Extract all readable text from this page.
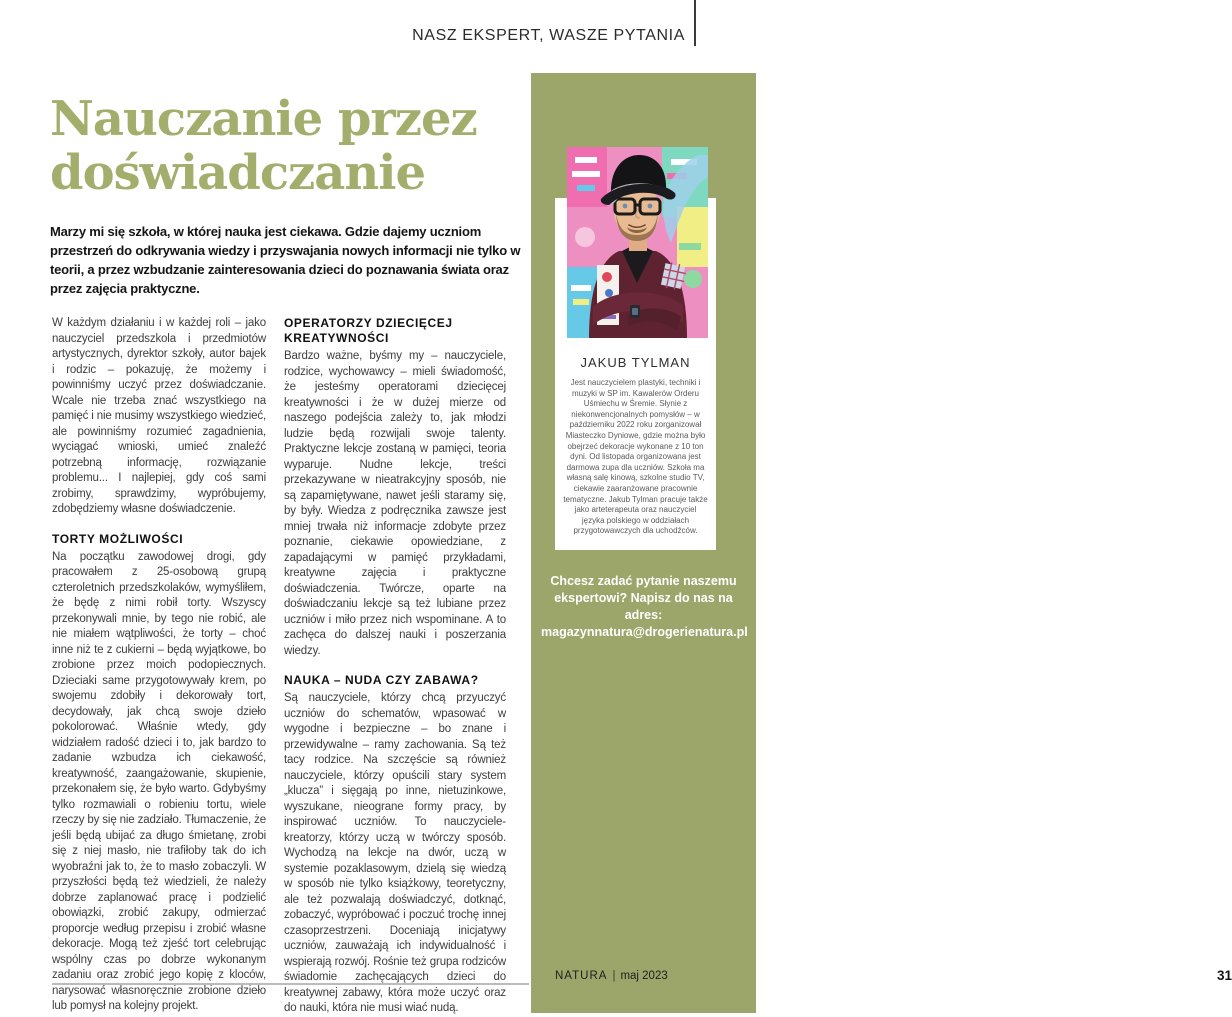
NASZ EKSPERT, WASZE PYTANIA
Nauczanie przez
doświadczanie

Marzy mi się szkoła, w której nauka jest ciekawa. Gdzie dajemy uczniom przestrzeń do odkrywania wiedzy i przyswajania nowych informacji nie tylko w teorii, a przez wzbudzanie zainteresowania dzieci do poznawania świata oraz przez zajęcia praktyczne.

W każdym działaniu i w każdej roli – jako nauczyciel przedszkola i przedmiotów artystycznych, dyrektor szkoły, autor bajek i rodzic – pokazuję, że możemy i powinniśmy uczyć przez doświadczanie. Wcale nie trzeba znać wszystkiego na pamięć i nie musimy wszystkiego wiedzieć, ale powinniśmy rozumieć zagadnienia, wyciągać wnioski, umieć znaleźć potrzebną informację, rozwiązanie problemu... I najlepiej, gdy coś sami zrobimy, sprawdzimy, wypróbujemy, zdobędziemy własne doświadczenie.

TORTY MOŻLIWOŚCI

Na początku zawodowej drogi, gdy pracowałem z 25-osobową grupą czteroletnich przedszkolaków, wymyśliłem, że będę z nimi robił torty. Wszyscy przekonywali mnie, by tego nie robić, ale nie miałem wątpliwości, że torty – choć inne niż te z cukierni – będą wyjątkowe, bo zrobione przez moich podopiecznych. Dzieciaki same przygotowywały krem, po swojemu zdobiły i dekorowały tort, decydowały, jak chcą swoje dzieło pokolorować. Właśnie wtedy, gdy widziałem radość dzieci i to, jak bardzo to zadanie wzbudza ich ciekawość, kreatywność, zaangażowanie, skupienie, przekonałem się, że było warto. Gdybyśmy tylko rozmawiali o robieniu tortu, wiele rzeczy by się nie zadziało. Tłumaczenie, że jeśli będą ubijać za długo śmietanę, zrobi się z niej masło, nie trafiłoby tak do ich wyobraźni jak to, że to masło zobaczyli. W przyszłości będą też wiedzieli, że należy dobrze zaplanować pracę i podzielić obowiązki, zrobić zakupy, odmierzać proporcje według przepisu i zrobić własne dekoracje. Mogą też zjeść tort celebrując wspólny czas po dobrze wykonanym zadaniu oraz zrobić jego kopię z kloców, narysować własnoręcznie zrobione dzieło lub pomysł na kolejny projekt.

OPERATORZY DZIECIĘCEJ KREATYWNOŚCI

Bardzo ważne, byśmy my – nauczyciele, rodzice, wychowawcy – mieli świadomość, że jesteśmy operatorami dziecięcej kreatywności i że w dużej mierze od naszego podejścia zależy to, jak młodzi ludzie będą rozwijali swoje talenty. Praktyczne lekcje zostaną w pamięci, teoria wyparuje. Nudne lekcje, treści przekazywane w nieatrakcyjny sposób, nie są zapamiętywane, nawet jeśli staramy się, by były. Wiedza z podręcznika zawsze jest mniej trwała niż informacje zdobyte przez poznanie, ciekawie opowiedziane, z zapadającymi w pamięć przykładami, kreatywne zajęcia i praktyczne doświadczenia. Twórcze, oparte na doświadczaniu lekcje są też lubiane przez uczniów i miło przez nich wspominane. A to zachęca do dalszej nauki i poszerzania wiedzy.

NAUKA – NUDA CZY ZABAWA?

Są nauczyciele, którzy chcą przyuczyć uczniów do schematów, wpasować w wygodne i bezpieczne – bo znane i przewidywalne – ramy zachowania. Są też tacy rodzice. Na szczęście są również nauczyciele, którzy opuścili stary system „klucza” i sięgają po inne, nietuzinkowe, wyszukane, nieograne formy pracy, by inspirować uczniów. To nauczyciele-kreatorzy, którzy uczą w twórczy sposób. Wychodzą na lekcje na dwór, uczą w systemie pozaklasowym, dzielą się wiedzą w sposób nie tylko książkowy, teoretyczny, ale też pozwalają doświadczyć, dotknąć, zobaczyć, wypróbować i poczuć trochę innej czasoprzestrzeni. Doceniają inicjatywy uczniów, zauważają ich indywidualność i wspierają rozwój. Rośnie też grupa rodziców świadomie zachęcających dzieci do kreatywnej zabawy, która może uczyć oraz do nauki, która nie musi wiać nudą.

JAKUB TYLMAN
Jest nauczycielem plastyki, techniki i muzyki w SP im. Kawalerów Orderu Uśmiechu w Śremie. Słynie z niekonwencjonalnych pomysłów – w październiku 2022 roku zorganizował Miasteczko Dyniowe, gdzie można było obejrzeć dekoracje wykonane z 10 ton dyni. Od listopada organizowana jest darmowa zupa dla uczniów. Szkoła ma własną salę kinową, szkolne studio TV, ciekawie zaaranżowane pracownie tematyczne. Jakub Tylman pracuje także jako arteterapeuta oraz nauczyciel języka polskiego w oddziałach przygotowawczych dla uchodźców.
Chcesz zadać pytanie naszemu ekspertowi? Napisz do nas na adres:
magazynnatura@drogerienatura.pl
NATURA | maj 2023	31
